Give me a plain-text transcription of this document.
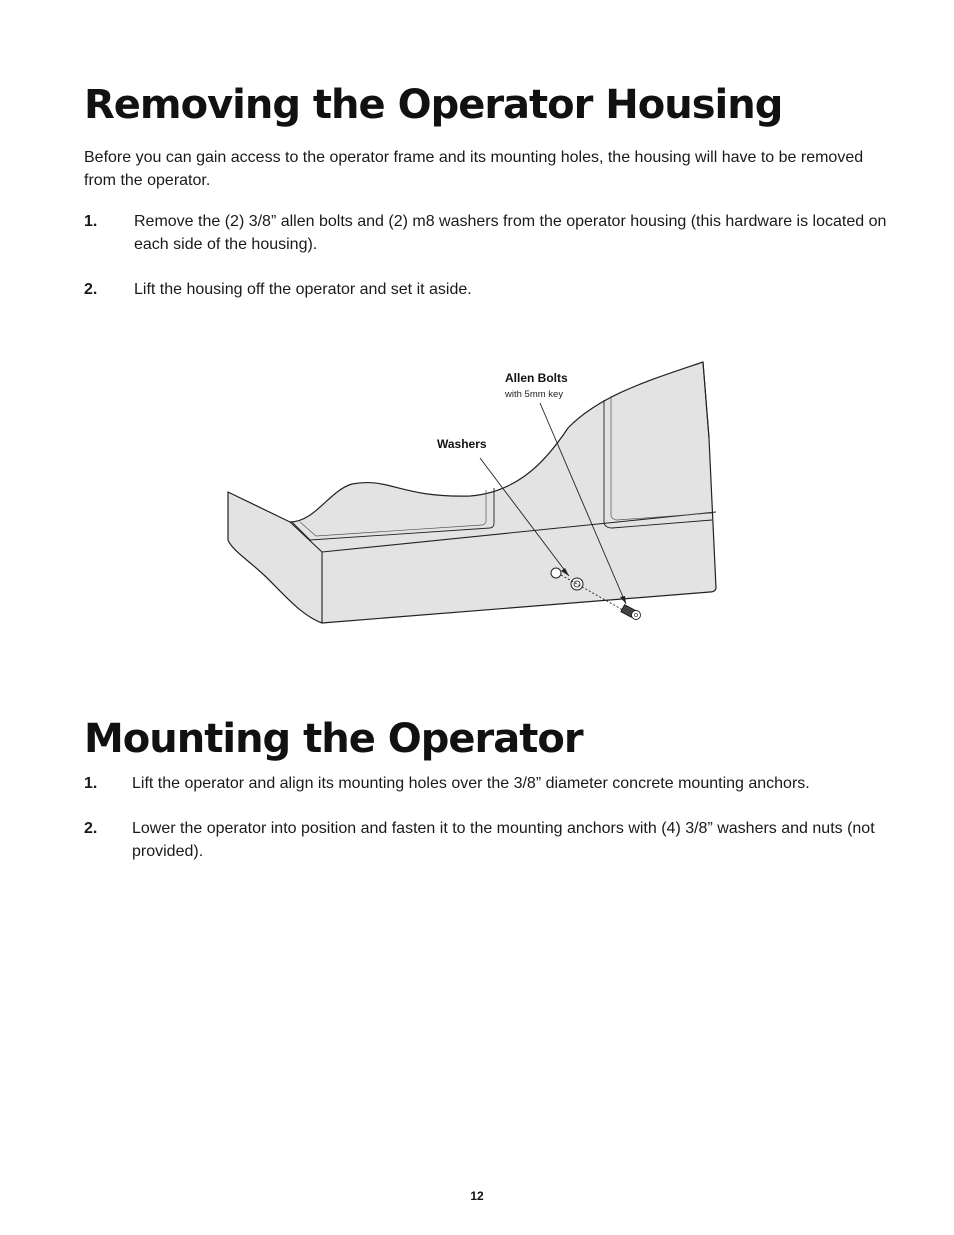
Removing the Operator Housing

Before you can gain access to the operator frame and its mounting holes, the housing will have to be removed from the operator.

1.	Remove the (2) 3/8” allen bolts and (2) m8 washers from the operator housing (this hardware is located on each side of the housing).
2.	Lift the housing off the operator and set it aside.
Allen Bolts
with 5mm key
Washers
Mounting the Operator
1.	Lift the operator and align its mounting holes over the 3/8” diameter concrete mounting anchors.
2.	Lower the operator into position and fasten it to the mounting anchors with (4) 3/8” washers and nuts (not provided).
12
